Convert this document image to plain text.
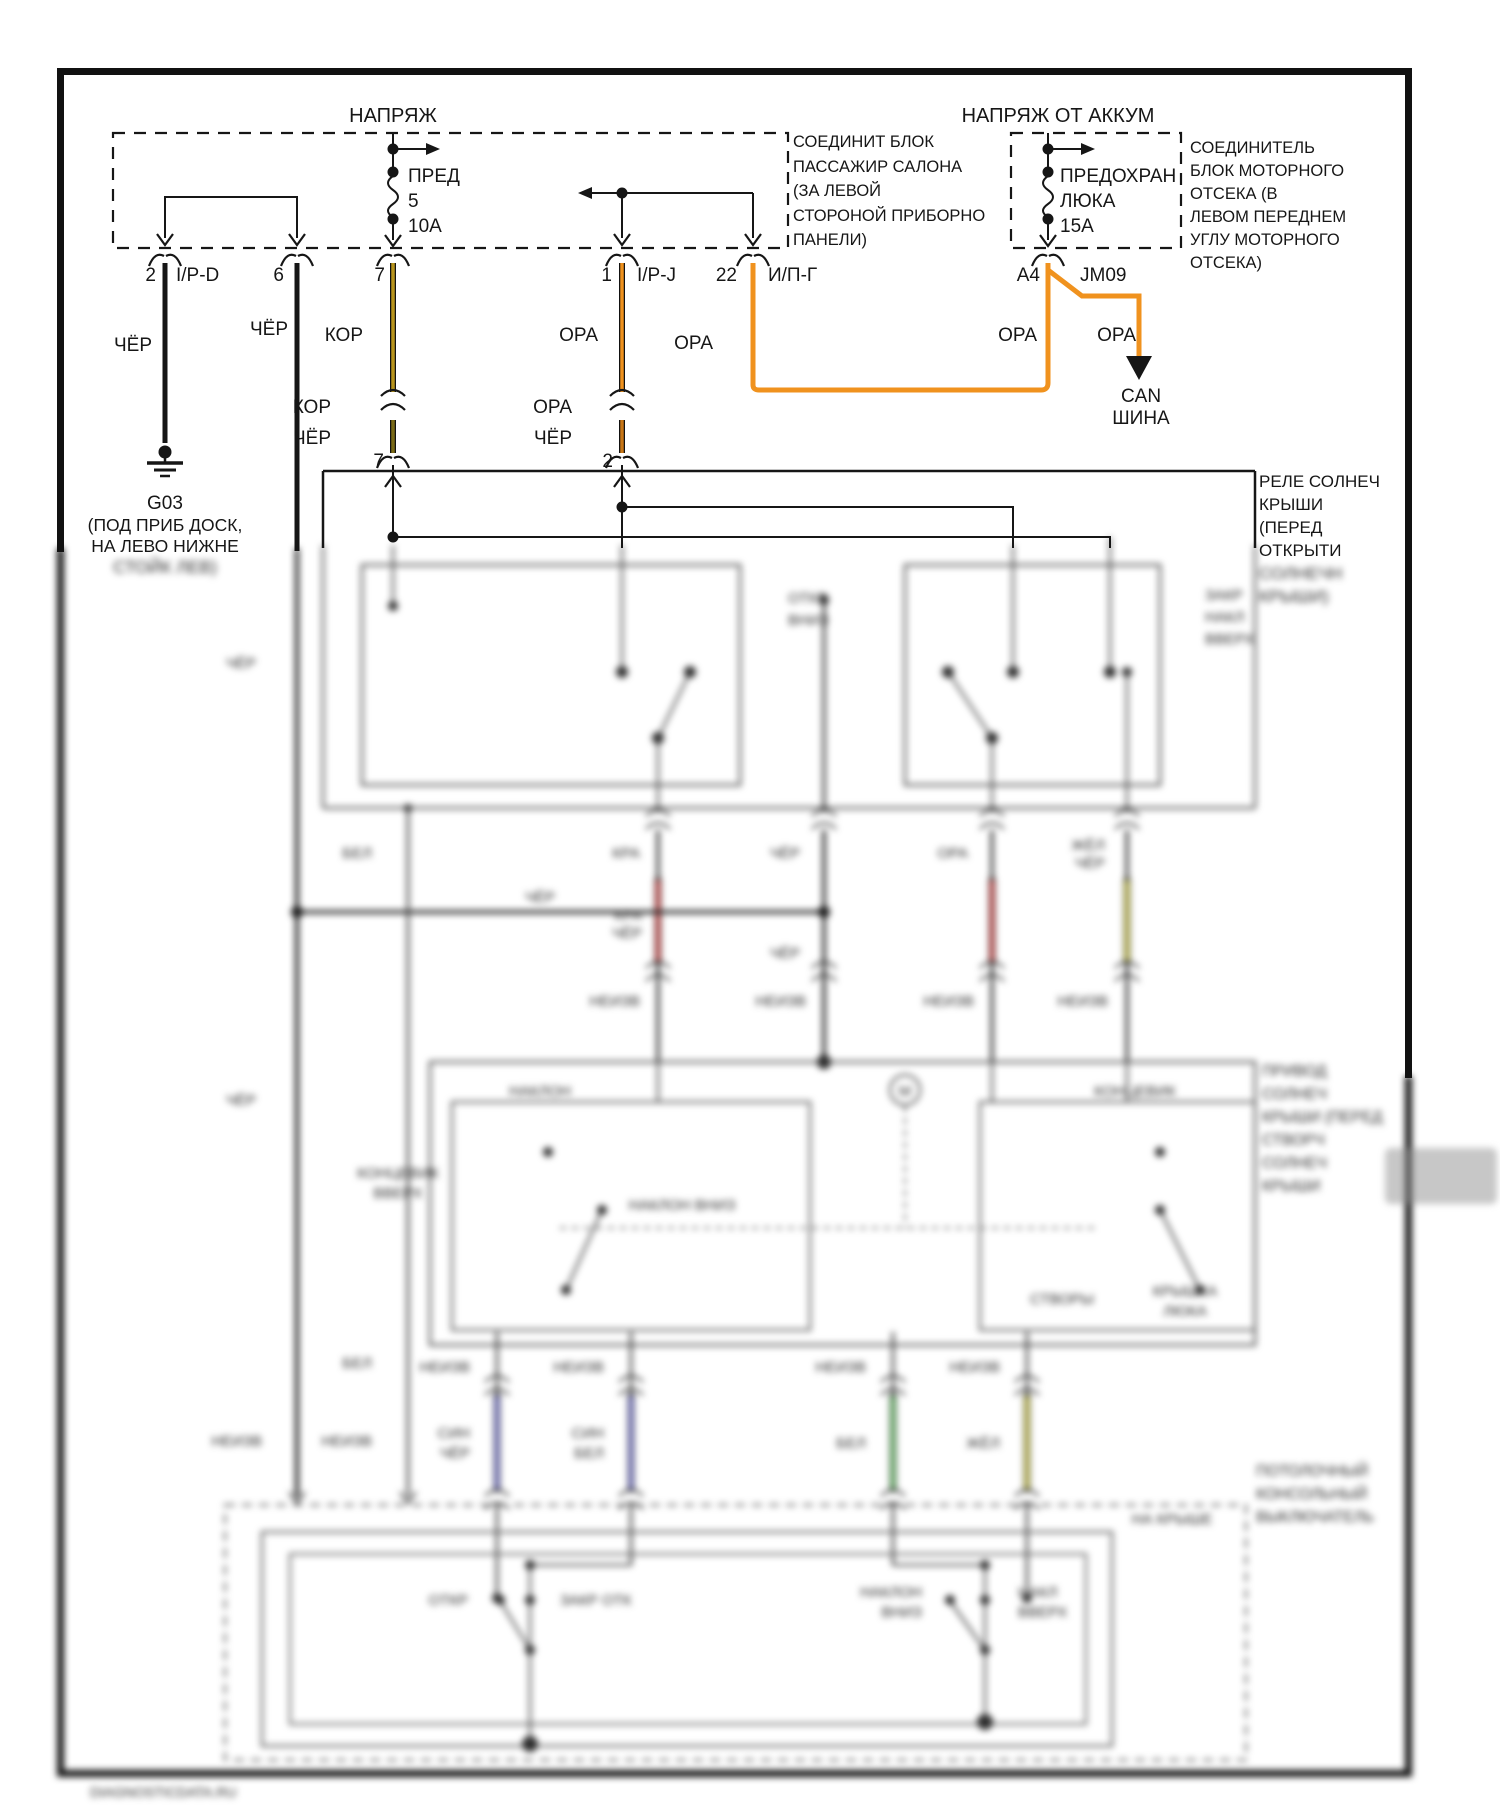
DIAGNOSTICDATA.RU
СТОЙК ЛЕВ)	СОЛНЕЧН
КРЫШИ)
ОТКР
ВНИЗ
ЗАКР
НАКЛ
ВВЕРХ
БЕЛ	КРА	ЧЁР	ОРА	ЖЁЛ
ЧЁР
КРА
ЧЁР
ЧЁР
ЧЁР
НЕИЗВ	НЕИЗВ	НЕИЗВ	НЕИЗВ
ЧЁР
ЧЁР
НАКЛОН
КОНЦЕВИК
ВВЕРХ
НАКЛОН ВНИЗ
КОНЦЕВИК
M
СТВОРЫ	КРЫШКА
ЛЮКА
ПРИВОД
СОЛНЕЧ
КРЫШИ (ПЕРЕД
СТВОРЧ
СОЛНЕЧ
КРЫШИ
БЕЛ	НЕИЗВ	НЕИЗВ	НЕИЗВ	НЕИЗВ
СИН
ЧЁР
СИН
БЕЛ
БЕЛ	ЖЁЛ
НЕИЗВ	НЕИЗВ
ПОТОЛОЧНЫЙ
КОНСОЛЬНЫЙ
ВЫКЛЮЧАТЕЛЬ
НА КРЫШЕ
ОТКР	ЗАКР ОТК	НАКЛОН
ВНИЗ
НАКЛ
ВВЕРХ
НАПРЯЖ	НАПРЯЖ ОТ АККУМ
ПРЕД
5
10А
ПРЕДОХРАН
ЛЮКА
15А
2 I/P-D	6	7	1 I/P-J 22 И/П-Г	A4 JM09
ЧЁР
ЧЁР КОР	ОРА	ОРА	ОРА	ОРА
КОР
ЧЁР
ОРА
ЧЁР
7	2
CAN
ШИНА
СОЕДИНИТ БЛОК
ПАССАЖИР САЛОНА
(ЗА ЛЕВОЙ
СТОРОНОЙ ПРИБОРНО
ПАНЕЛИ)
СОЕДИНИТЕЛЬ
БЛОК МОТОРНОГО
ОТСЕКА (В
ЛЕВОМ ПЕРЕДНЕМ
УГЛУ МОТОРНОГО
ОТСЕКА)
РЕЛЕ СОЛНЕЧ
КРЫШИ
(ПЕРЕД
ОТКРЫТИ
G03
(ПОД ПРИБ ДОСК,
НА ЛЕВО НИЖНЕ
